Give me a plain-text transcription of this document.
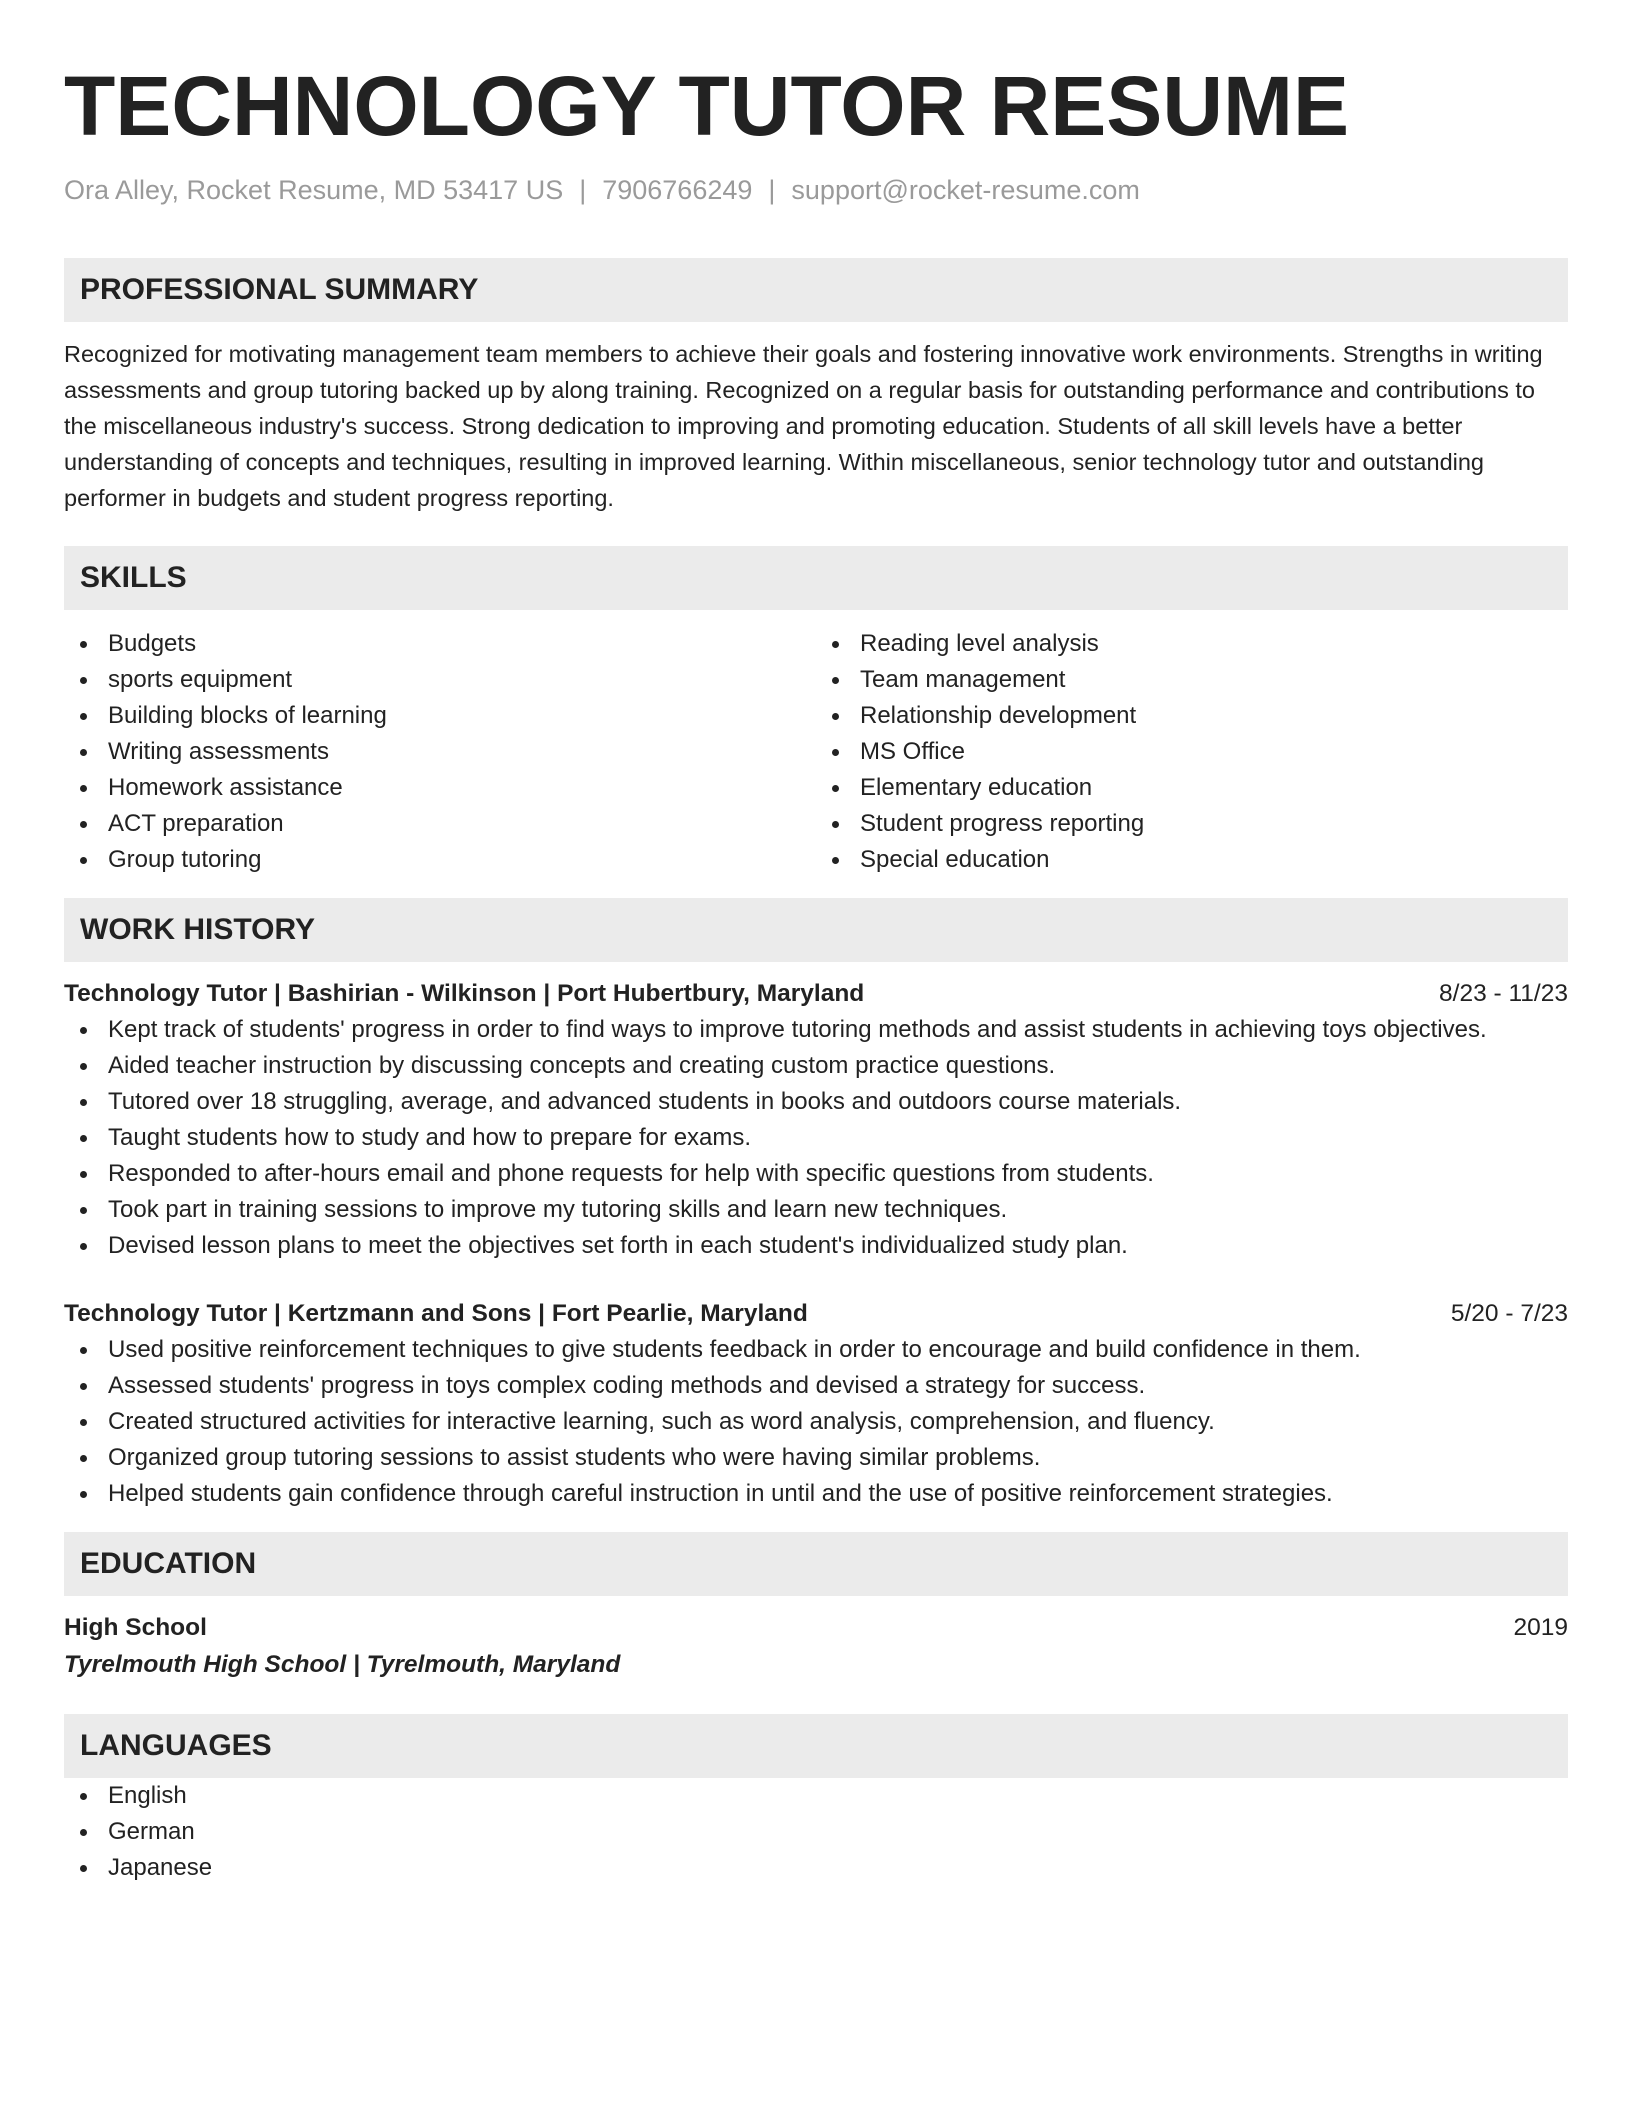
TECHNOLOGY TUTOR RESUME
Ora Alley, Rocket Resume, MD 53417 US | 7906766249 | support@rocket-resume.com
PROFESSIONAL SUMMARY

Recognized for motivating management team members to achieve their goals and fostering innovative work environments. Strengths in writing assessments and group tutoring backed up by along training. Recognized on a regular basis for outstanding performance and contributions to the miscellaneous industry's success. Strong dedication to improving and promoting education. Students of all skill levels have a better understanding of concepts and techniques, resulting in improved learning. Within miscellaneous, senior technology tutor and outstanding performer in budgets and student progress reporting.

SKILLS
Budgets
sports equipment
Building blocks of learning
Writing assessments
Homework assistance
ACT preparation
Group tutoring
Reading level analysis
Team management
Relationship development
MS Office
Elementary education
Student progress reporting
Special education
WORK HISTORY
Technology Tutor | Bashirian - Wilkinson | Port Hubertbury, Maryland	8/23 - 11/23
Kept track of students' progress in order to find ways to improve tutoring methods and assist students in achieving toys objectives.
Aided teacher instruction by discussing concepts and creating custom practice questions.
Tutored over 18 struggling, average, and advanced students in books and outdoors course materials.
Taught students how to study and how to prepare for exams.
Responded to after-hours email and phone requests for help with specific questions from students.
Took part in training sessions to improve my tutoring skills and learn new techniques.
Devised lesson plans to meet the objectives set forth in each student's individualized study plan.
Technology Tutor | Kertzmann and Sons | Fort Pearlie, Maryland	5/20 - 7/23
Used positive reinforcement techniques to give students feedback in order to encourage and build confidence in them.
Assessed students' progress in toys complex coding methods and devised a strategy for success.
Created structured activities for interactive learning, such as word analysis, comprehension, and fluency.
Organized group tutoring sessions to assist students who were having similar problems.
Helped students gain confidence through careful instruction in until and the use of positive reinforcement strategies.
EDUCATION
High School	2019
Tyrelmouth High School | Tyrelmouth, Maryland
LANGUAGES
English
German
Japanese
